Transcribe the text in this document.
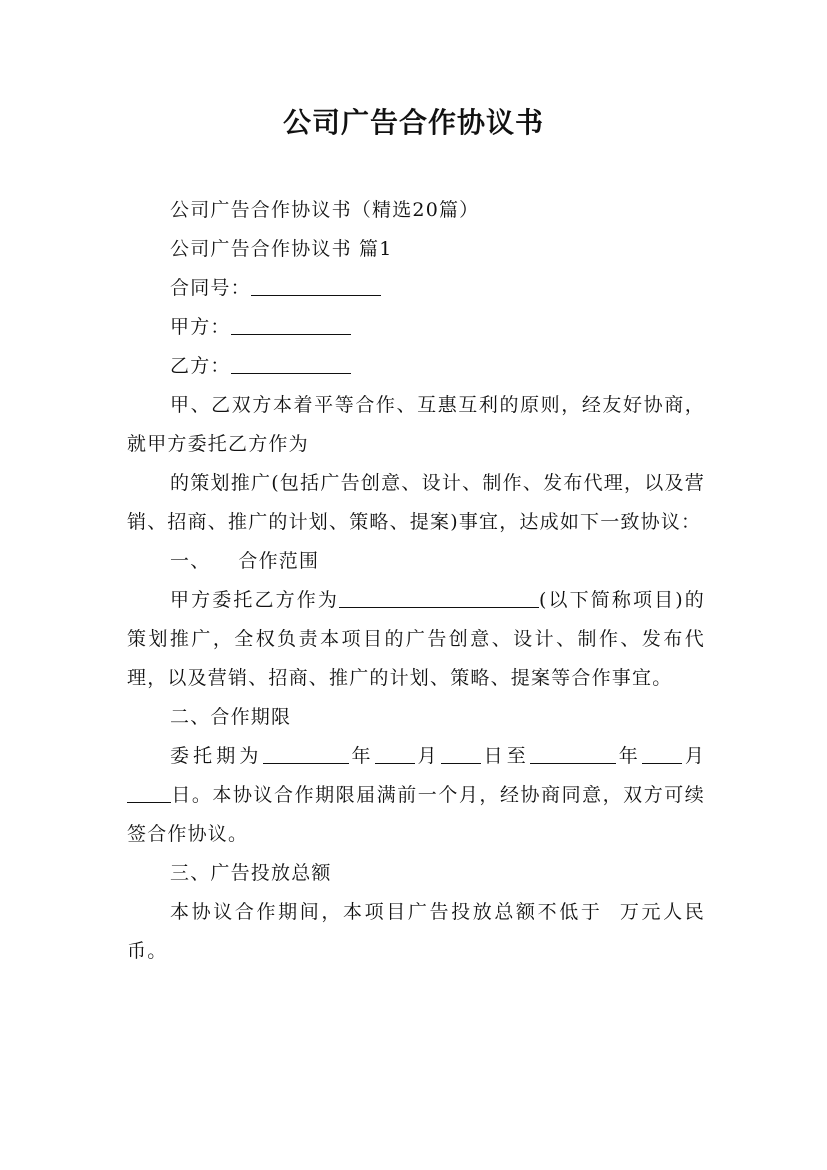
公司广告合作协议书

公司广告合作协议书（精选20篇）

公司广告合作协议书 篇1

合同号：

甲方：

乙方：

甲、乙双方本着平等合作、互惠互利的原则，经友好协商，就甲方委托乙方作为

的策划推广(包括广告创意、设计、制作、发布代理，以及营销、招商、推广的计划、策略、提案)事宜，达成如下一致协议：

一、 合作范围

甲方委托乙方作为	(以下简称项目)的策划推广，全权负责本项目的广告创意、设计、制作、发布代理，以及营销、招商、推广的计划、策略、提案等合作事宜。

二、合作期限

委托期为	年 月 日至	年 月日。本协议合作期限届满前一个月，经协商同意，双方可续签合作协议。

三、广告投放总额

本协议合作期间，本项目广告投放总额不低于 万元人民币。
